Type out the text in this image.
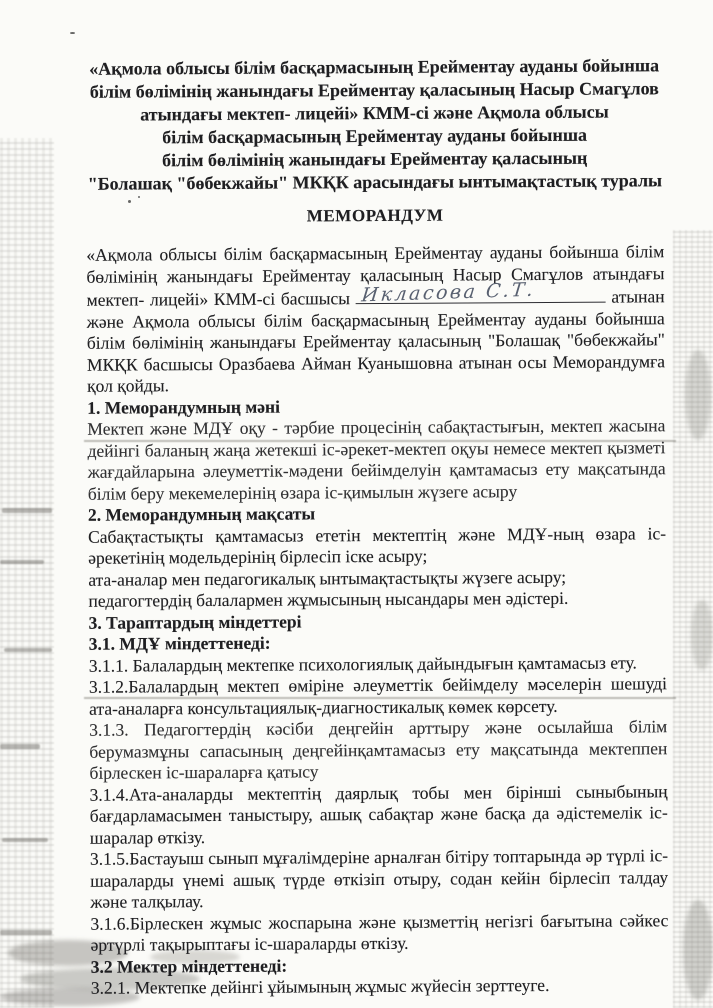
«Ақмола облысы білім басқармасының Ерейментау ауданы бойынша
білім бөлімінің жанындағы Ерейментау қаласының Насыр Смагұлов
атындағы мектеп- лицейі» КММ-сі және Ақмола облысы
білім басқармасының Ерейментау ауданы бойынша
білім бөлімінің жанындағы Ерейментау қаласының
"Болашақ "бөбекжайы" МКҚК арасындағы ынтымақтастық туралы
МЕМОРАНДУМ

«Ақмола облысы білім басқармасының Ерейментау ауданы бойынша білім бөлімінің жанындағы Ерейментау қаласының Насыр Смагұлов атындағы мектеп- лицейі» КММ-сі басшысы Икласова С.Т.	атынан және Ақмола облысы білім басқармасының Ерейментау ауданы бойынша білім бөлімінің жанындағы Ерейментау қаласының "Болашақ "бөбекжайы" МКҚК басшысы Оразбаева Айман Куанышовна атынан осы Меморандумға қол қойды.

1. Меморандумның мәні

Мектеп және МДҰ оқу - тәрбие процесінің сабақтастығын, мектеп жасына дейінгі баланың жаңа жетекші іс-әрекет-мектеп оқуы немесе мектеп қызметі жағдайларына әлеуметтік-мәдени бейімделуін қамтамасыз ету мақсатында білім беру мекемелерінің өзара іс-қимылын жүзеге асыру

2. Меморандумның мақсаты

Сабақтастықты қамтамасыз ететін мектептің және МДҰ-ның өзара іс-әрекетінің модельдерінің бірлесіп іске асыру;

ата-аналар мен педагогикалық ынтымақтастықты жүзеге асыру;

педагогтердің балалармен жұмысының нысандары мен әдістері.

3. Тараптардың міндеттері

3.1. МДҰ міндеттенеді:

3.1.1. Балалардың мектепке психологиялық дайындығын қамтамасыз ету.

3.1.2.Балалардың мектеп өміріне әлеуметтік бейімделу мәселерін шешуді ата-аналарға консультациялық-диагностикалық көмек көрсету.

3.1.3. Педагогтердің кәсіби деңгейін арттыру және осылайша білім берумазмұны сапасының деңгейінқамтамасыз ету мақсатында мектеппен бірлескен іс-шараларға қатысу

3.1.4.Ата-аналарды мектептің даярлық тобы мен бірінші сыныбының бағдарламасымен таныстыру, ашық сабақтар және басқа да әдістемелік іс-шаралар өткізу.

3.1.5.Бастауыш сынып мұғалімдеріне арналған бітіру топтарында әр түрлі іс-шараларды үнемі ашық түрде өткізіп отыру, содан кейін бірлесіп талдау және талқылау.

3.1.6.Бірлескен жұмыс жоспарына және қызметтің негізгі бағытына сәйкес әртүрлі тақырыптағы іс-шараларды өткізу.

3.2 Мектер міндеттенеді:

3.2.1. Мектепке дейінгі ұйымының жұмыс жүйесін зерттеуге.
